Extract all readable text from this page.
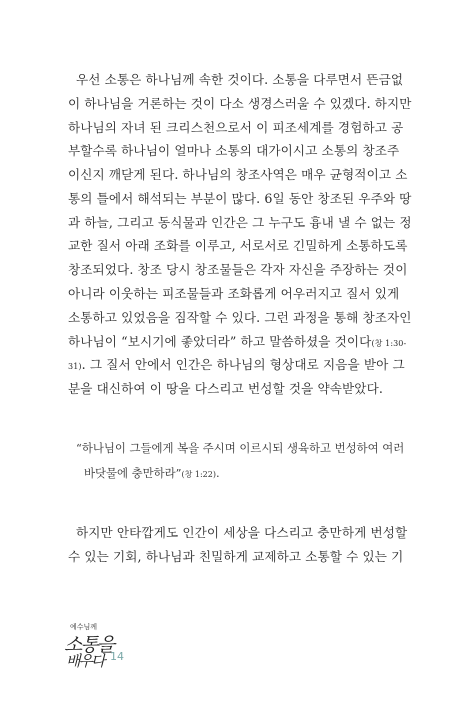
우선 소통은 하나님께 속한 것이다. 소통을 다루면서 뜬금없
이 하나님을 거론하는 것이 다소 생경스러울 수 있겠다. 하지만
하나님의 자녀 된 크리스천으로서 이 피조세계를 경험하고 공
부할수록 하나님이 얼마나 소통의 대가이시고 소통의 창조주
이신지 깨닫게 된다. 하나님의 창조사역은 매우 균형적이고 소
통의 틀에서 해석되는 부분이 많다. 6일 동안 창조된 우주와 땅
과 하늘, 그리고 동식물과 인간은 그 누구도 흉내 낼 수 없는 정
교한 질서 아래 조화를 이루고, 서로서로 긴밀하게 소통하도록
창조되었다. 창조 당시 창조물들은 각자 자신을 주장하는 것이
아니라 이웃하는 피조물들과 조화롭게 어우러지고 질서 있게
소통하고 있었음을 짐작할 수 있다. 그런 과정을 통해 창조자인
하나님이 “보시기에 좋았더라” 하고 말씀하셨을 것이다(창 1:30-
31). 그 질서 안에서 인간은 하나님의 형상대로 지음을 받아 그
분을 대신하여 이 땅을 다스리고 번성할 것을 약속받았다.
“하나님이 그들에게 복을 주시며 이르시되 생육하고 번성하여 여러
바닷물에 충만하라”(창 1:22).
하지만 안타깝게도 인간이 세상을 다스리고 충만하게 번성할
수 있는 기회, 하나님과 친밀하게 교제하고 소통할 수 있는 기
예수님께
소통을
배우다 14
